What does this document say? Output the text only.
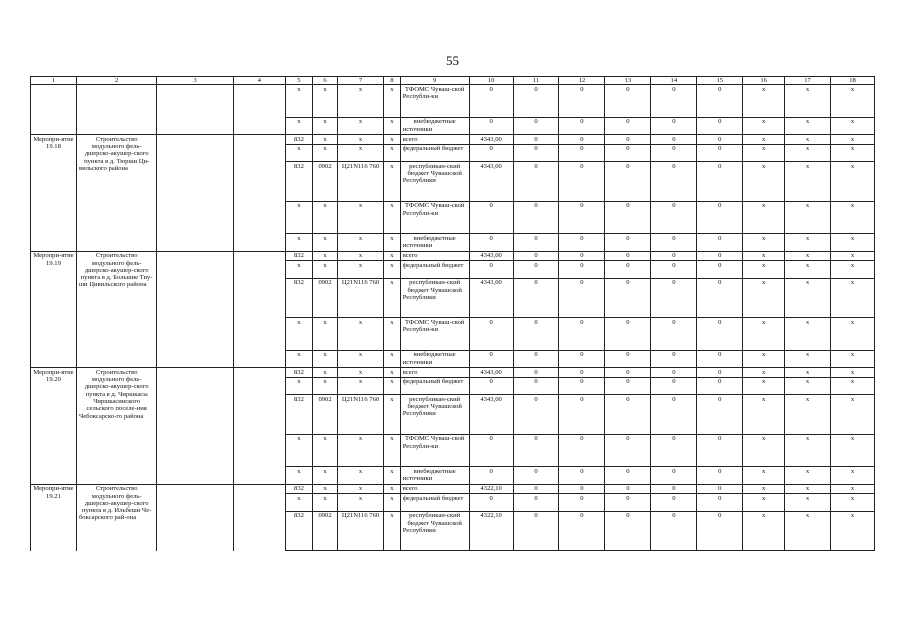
55
1	2	3	4	5	6	7	8	9	10	11	12	13	14	15	16	17	18
				x	x	x	x	ТФОМС Чуваш-ской Республи-ки	0	0	0	0	0	0	x	x	x
				x	x	x	x	внебюджетные источники	0	0	0	0	0	0	x	x	x
Меропри-ятие 19.18	Строительство модульного фель-дшерско-акушер-ского пункта в д. Тюрши Ци-вильского района			832	x	x	x	всего	4343,00	0	0	0	0	0	x	x	x
				x	x	x	x	федеральный бюджет	0	0	0	0	0	0	x	x	x
				832	0902	Ц21N116 760	x	республикан-ский бюджет Чувашской Республики	4343,00	0	0	0	0	0	x	x	x
				x	x	x	x	ТФОМС Чуваш-ской Республи-ки	0	0	0	0	0	0	x	x	x
				x	x	x	x	внебюджетные источники	0	0	0	0	0	0	x	x	x
Меропри-ятие 19.19	Строительство модульного фель-дшерско-акушер-ского пункта в д. Большие Тиу-ши Цивильского района			832	x	x	x	всего	4343,00	0	0	0	0	0	x	x	x
				x	x	x	x	федеральный бюджет	0	0	0	0	0	0	x	x	x
				832	0902	Ц21N116 760	x	республикан-ский бюджет Чувашской Республики	4343,00	0	0	0	0	0	x	x	x
				x	x	x	x	ТФОМС Чуваш-ской Республи-ки	0	0	0	0	0	0	x	x	x
				x	x	x	x	внебюджетные источники	0	0	0	0	0	0	x	x	x
Меропри-ятие 19.20	Строительство модульного фель-дшерско-акушер-ского пункта в д. Чиршкасы Чиршкасинского сельского поселе-ния Чебоксарско-го района			832	x	x	x	всего	4343,00	0	0	0	0	0	x	x	x
				x	x	x	x	федеральный бюджет	0	0	0	0	0	0	x	x	x
				832	0902	Ц21N116 760	x	республикан-ский бюджет Чувашской Республики	4343,00	0	0	0	0	0	x	x	x
				x	x	x	x	ТФОМС Чуваш-ской Республи-ки	0	0	0	0	0	0	x	x	x
				x	x	x	x	внебюджетные источники	0	0	0	0	0	0	x	x	x
Меропри-ятие 19.21	Строительство модульного фель-дшерско-акушер-ского пункта в д. Ильбеши Че-боксарского рай-она			832	x	x	x	всего	4322,10	0	0	0	0	0	x	x	x
				x	x	x	x	федеральный бюджет	0	0	0	0	0	0	x	x	x
				832	0902	Ц21N116 760	x	республикан-ский бюджет Чувашской Республики	4322,10	0	0	0	0	0	x	x	x
